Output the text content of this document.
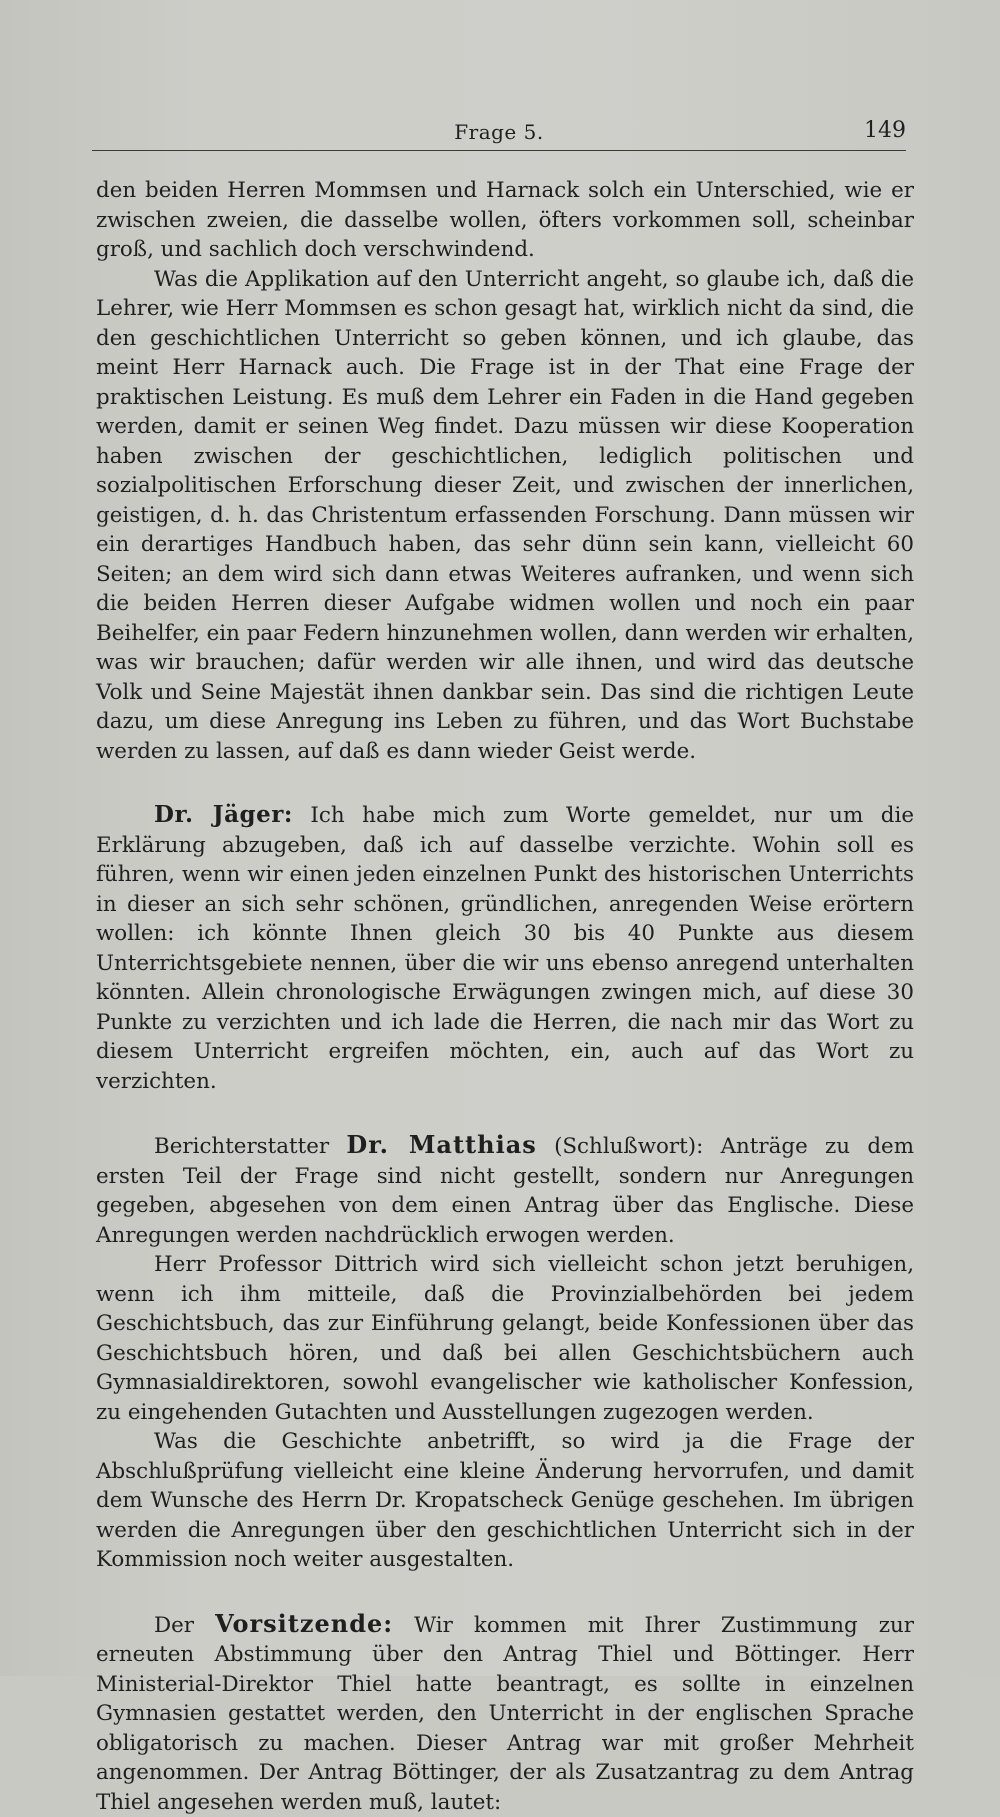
Frage 5.	149

den beiden Herren Mommsen und Harnack solch ein Unterschied, wie er zwischen zweien, die dasselbe wollen, öfters vorkommen soll, scheinbar groß, und sachlich doch verschwindend.

Was die Applikation auf den Unterricht angeht, so glaube ich, daß die Lehrer, wie Herr Mommsen es schon gesagt hat, wirklich nicht da sind, die den geschichtlichen Unterricht so geben können, und ich glaube, das meint Herr Harnack auch. Die Frage ist in der That eine Frage der praktischen Leistung. Es muß dem Lehrer ein Faden in die Hand gegeben werden, damit er seinen Weg findet. Dazu müssen wir diese Kooperation haben zwischen der geschichtlichen, lediglich politischen und sozialpolitischen Erforschung dieser Zeit, und zwischen der innerlichen, geistigen, d. h. das Christentum erfassenden Forschung. Dann müssen wir ein derartiges Handbuch haben, das sehr dünn sein kann, vielleicht 60 Seiten; an dem wird sich dann etwas Weiteres aufranken, und wenn sich die beiden Herren dieser Aufgabe widmen wollen und noch ein paar Beihelfer, ein paar Federn hinzunehmen wollen, dann werden wir erhalten, was wir brauchen; dafür werden wir alle ihnen, und wird das deutsche Volk und Seine Majestät ihnen dankbar sein. Das sind die richtigen Leute dazu, um diese Anregung ins Leben zu führen, und das Wort Buchstabe werden zu lassen, auf daß es dann wieder Geist werde.

Dr. Jäger: Ich habe mich zum Worte gemeldet, nur um die Erklärung abzugeben, daß ich auf dasselbe verzichte. Wohin soll es führen, wenn wir einen jeden einzelnen Punkt des historischen Unterrichts in dieser an sich sehr schönen, gründlichen, anregenden Weise erörtern wollen: ich könnte Ihnen gleich 30 bis 40 Punkte aus diesem Unterrichtsgebiete nennen, über die wir uns ebenso anregend unterhalten könnten. Allein chronologische Erwägungen zwingen mich, auf diese 30 Punkte zu verzichten und ich lade die Herren, die nach mir das Wort zu diesem Unterricht ergreifen möchten, ein, auch auf das Wort zu verzichten.

Berichterstatter Dr. Matthias (Schlußwort): Anträge zu dem ersten Teil der Frage sind nicht gestellt, sondern nur Anregungen gegeben, abgesehen von dem einen Antrag über das Englische. Diese Anregungen werden nachdrücklich erwogen werden.

Herr Professor Dittrich wird sich vielleicht schon jetzt beruhigen, wenn ich ihm mitteile, daß die Provinzialbehörden bei jedem Geschichtsbuch, das zur Einführung gelangt, beide Konfessionen über das Geschichtsbuch hören, und daß bei allen Geschichtsbüchern auch Gymnasialdirektoren, sowohl evangelischer wie katholischer Konfession, zu eingehenden Gutachten und Ausstellungen zugezogen werden.

Was die Geschichte anbetrifft, so wird ja die Frage der Abschlußprüfung vielleicht eine kleine Änderung hervorrufen, und damit dem Wunsche des Herrn Dr. Kropatscheck Genüge geschehen. Im übrigen werden die Anregungen über den geschichtlichen Unterricht sich in der Kommission noch weiter ausgestalten.

Der Vorsitzende: Wir kommen mit Ihrer Zustimmung zur erneuten Abstimmung über den Antrag Thiel und Böttinger. Herr Ministerial-Direktor Thiel hatte beantragt, es sollte in einzelnen Gymnasien gestattet werden, den Unterricht in der englischen Sprache obligatorisch zu machen. Dieser Antrag war mit großer Mehrheit angenommen. Der Antrag Böttinger, der als Zusatzantrag zu dem Antrag Thiel angesehen werden muß, lautet:
